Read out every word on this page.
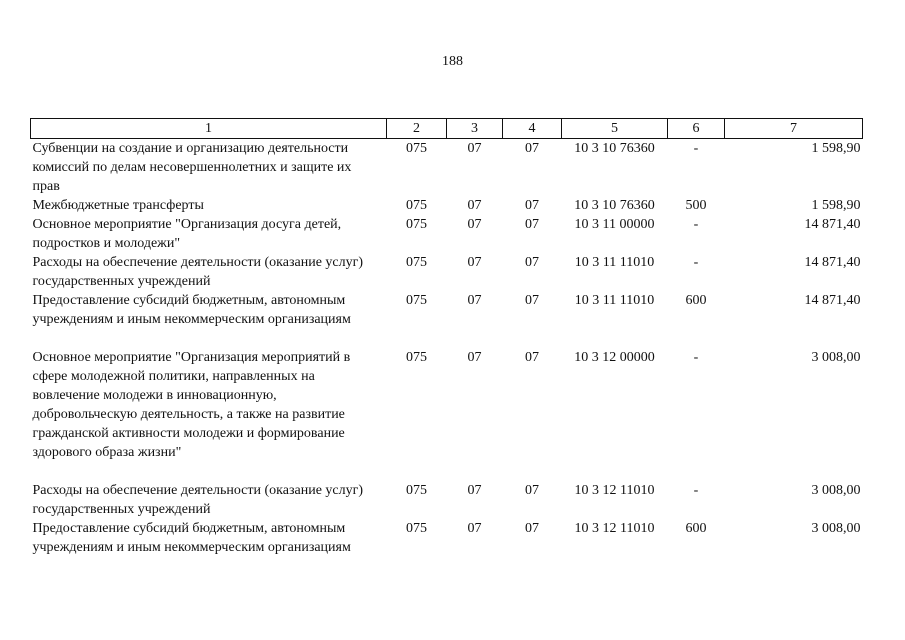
188
1	2	3	4	5	6	7
Субвенции на создание и организацию деятельности комиссий по делам несовершеннолетних и защите их прав	075	07	07	10 3 10 76360	-	1 598,90
Межбюджетные трансферты	075	07	07	10 3 10 76360	500	1 598,90
Основное мероприятие "Организация досуга детей, подростков и молодежи"	075	07	07	10 3 11 00000	-	14 871,40
Расходы на обеспечение деятельности (оказание услуг) государственных учреждений	075	07	07	10 3 11 11010	-	14 871,40
Предоставление субсидий бюджетным, автономным учреждениям и иным некоммерческим организациям	075	07	07	10 3 11 11010	600	14 871,40

Основное мероприятие "Организация мероприятий в сфере молодежной политики, направленных на вовлечение молодежи в инновационную, добровольческую деятельность, а также на развитие гражданской активности молодежи и формирование здорового образа жизни"	075	07	07	10 3 12 00000	-	3 008,00

Расходы на обеспечение деятельности (оказание услуг) государственных учреждений	075	07	07	10 3 12 11010	-	3 008,00
Предоставление субсидий бюджетным, автономным учреждениям и иным некоммерческим организациям	075	07	07	10 3 12 11010	600	3 008,00
